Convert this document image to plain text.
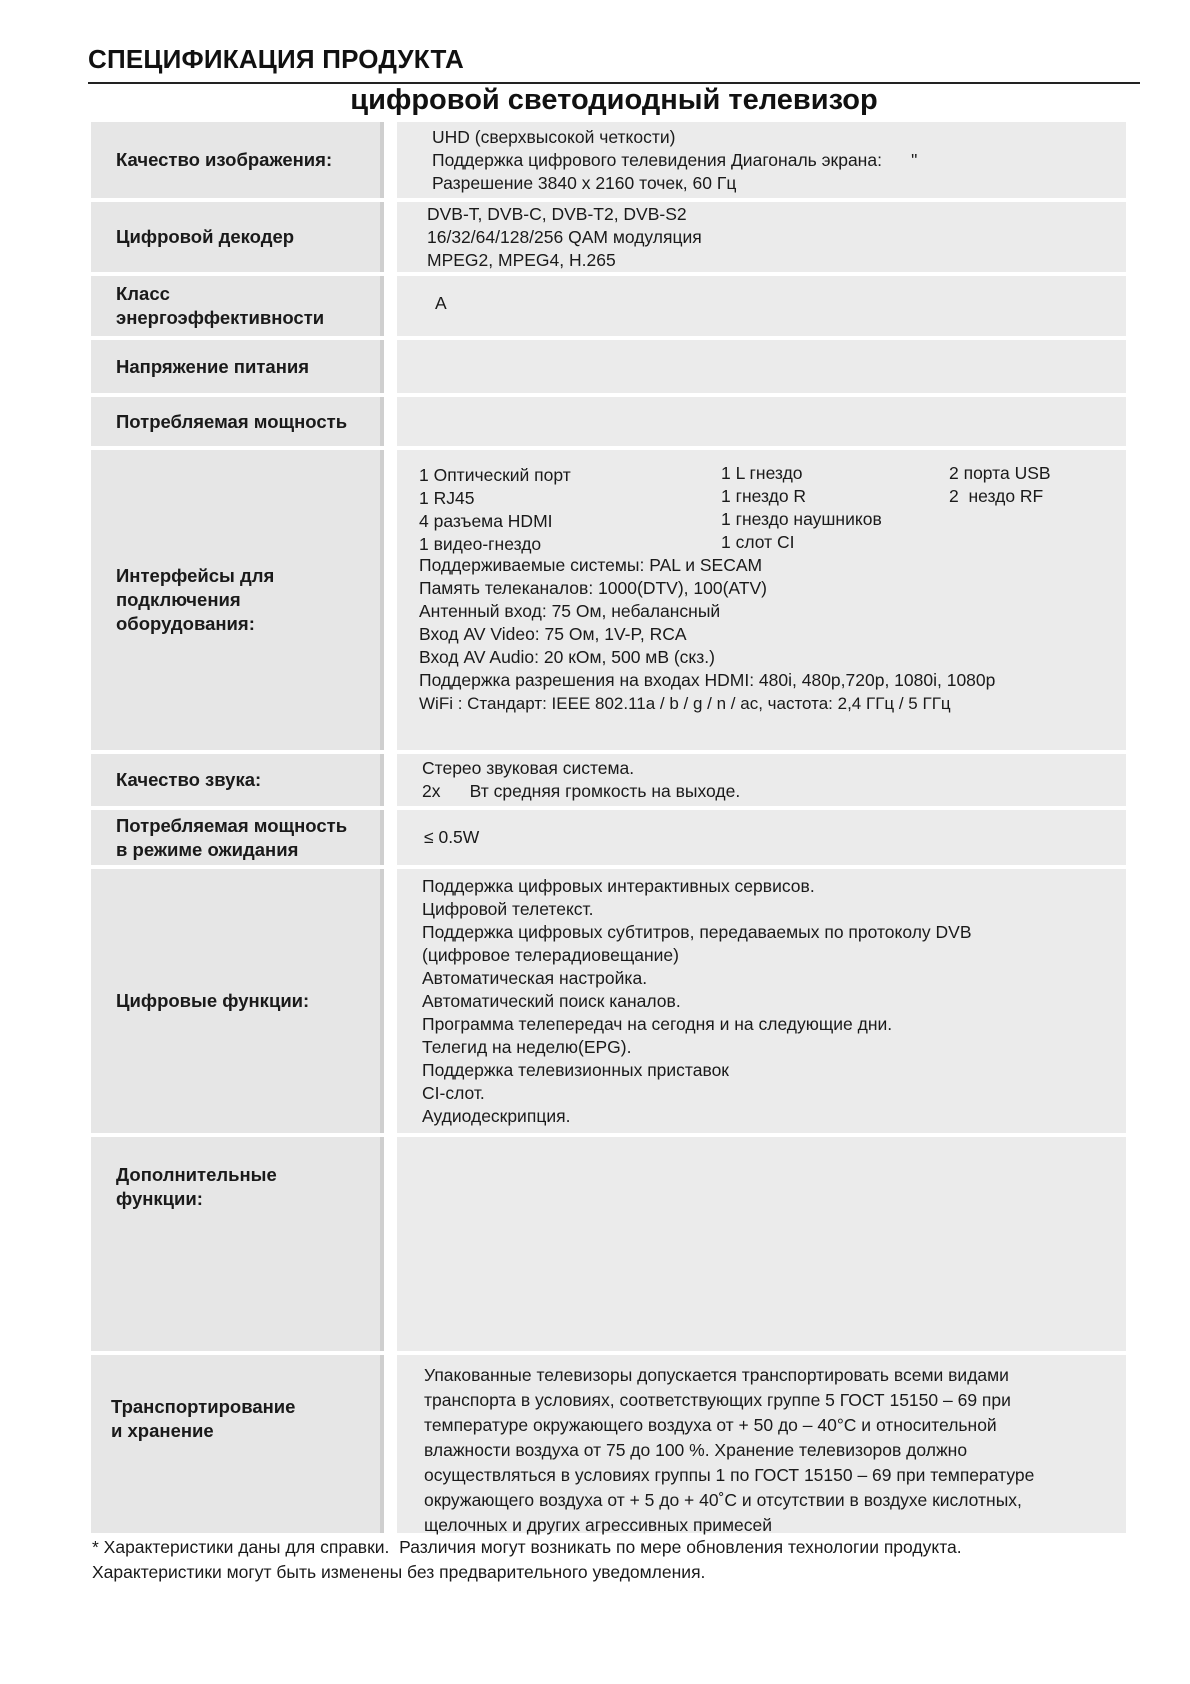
СПЕЦИФИКАЦИЯ ПРОДУКТА
цифровой светодиодный телевизор
Качество изображения:
UHD (сверхвысокой четкости)
Поддержка цифрового телевидения Диагональ экрана:      "
Разрешение 3840 x 2160 точек, 60 Гц
Цифровой декодер
DVB-T, DVB-C, DVB-T2, DVB-S2
16/32/64/128/256 QAM модуляция
MPEG2, MPEG4, H.265
Класс
энергоэффективности
A
Напряжение питания
Потребляемая мощность
Интерфейсы для
подключения
оборудования:
1 Оптический порт
1 RJ45
4 разъема HDMI
1 видео-гнездо
1 L гнездо
1 гнездо R
1 гнездо наушников
1 слот CI
2 порта USB
2  нездо RF
Поддерживаемые системы: PAL и SECAM
Память телеканалов: 1000(DTV), 100(ATV)
Антенный вход: 75 Ом, небалансный
Вход AV Video: 75 Ом, 1V-P, RCA
Вход AV Audio: 20 кОм, 500 мВ (скз.)
Поддержка разрешения на входах HDMI: 480i, 480p,720p, 1080i, 1080p
WiFi : Стандарт: IEEE 802.11a / b / g / n / ac, частота: 2,4 ГГц / 5 ГГц
Качество звука:
Стерео звуковая система.
2x      Вт средняя громкость на выходе.
Потребляемая мощность
в режиме ожидания
≤ 0.5W
Цифровые функции:
Поддержка цифровых интерактивных сервисов.
Цифровой телетекст.
Поддержка цифровых субтитров, передаваемых по протоколу DVB
(цифровое телерадиовещание)
Автоматическая настройка.
Автоматический поиск каналов.
Программа телепередач на сегодня и на следующие дни.
Телегид на неделю(EPG).
Поддержка телевизионных приставок
CI-слот.
Аудиодескрипция.
Дополнительные
функции:
Транспортирование
и хранение
Упакованные телевизоры допускается транспортировать всеми видами
транспорта в условиях, соответствующих группе 5 ГОСТ 15150 – 69 при
температуре окружающего воздуха от + 50 до – 40°C и относительной
влажности воздуха от 75 до 100 %. Хранение телевизоров должно
осуществляться в условиях группы 1 по ГОСТ 15150 – 69 при температуре
окружающего воздуха от + 5 до + 40˚C и отсутствии в воздухе кислотных,
щелочных и других агрессивных примесей
* Характеристики даны для справки.  Различия могут возникать по мере обновления технологии продукта.
Характеристики могут быть изменены без предварительного уведомления.
